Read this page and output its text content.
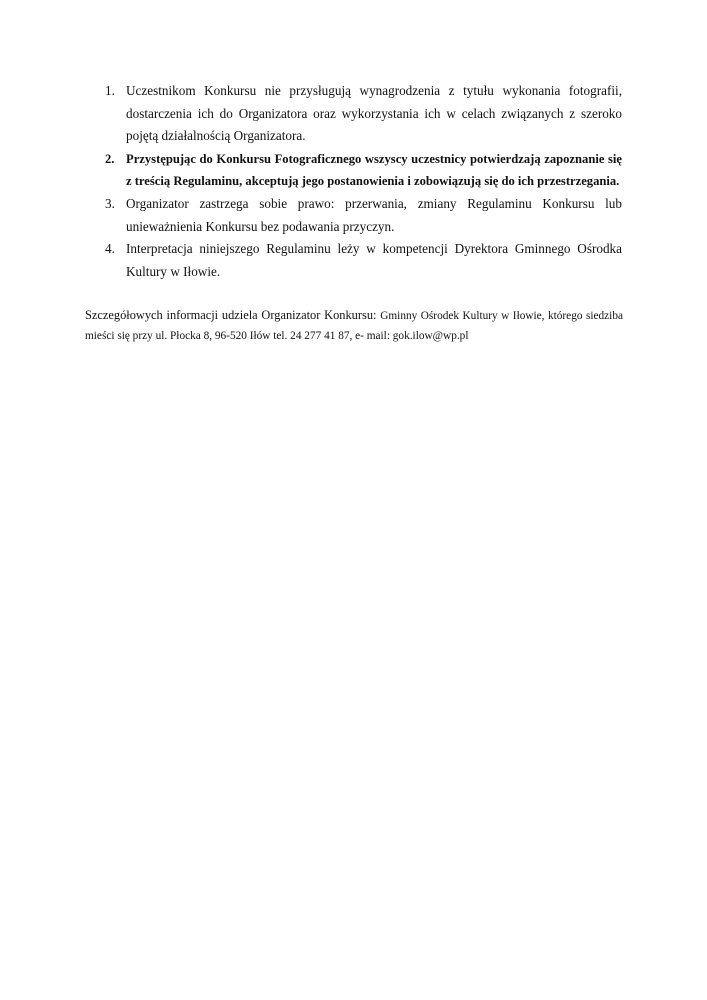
1. Uczestnikom Konkursu nie przysługują wynagrodzenia z tytułu wykonania fotografii, dostarczenia ich do Organizatora oraz wykorzystania ich w celach związanych z szeroko pojętą działalnością Organizatora.
2. Przystępując do Konkursu Fotograficznego wszyscy uczestnicy potwierdzają zapoznanie się z treścią Regulaminu, akceptują jego postanowienia i zobowiązują się do ich przestrzegania.
3. Organizator zastrzega sobie prawo: przerwania, zmiany Regulaminu Konkursu lub unieważnienia Konkursu bez podawania przyczyn.
4. Interpretacja niniejszego Regulaminu leży w kompetencji Dyrektora Gminnego Ośrodka Kultury w Iłowie.

Szczegółowych informacji udziela Organizator Konkursu: Gminny Ośrodek Kultury w Iłowie, którego siedziba mieści się przy ul. Płocka 8, 96-520 Iłów tel. 24 277 41 87, e- mail: gok.ilow@wp.pl
